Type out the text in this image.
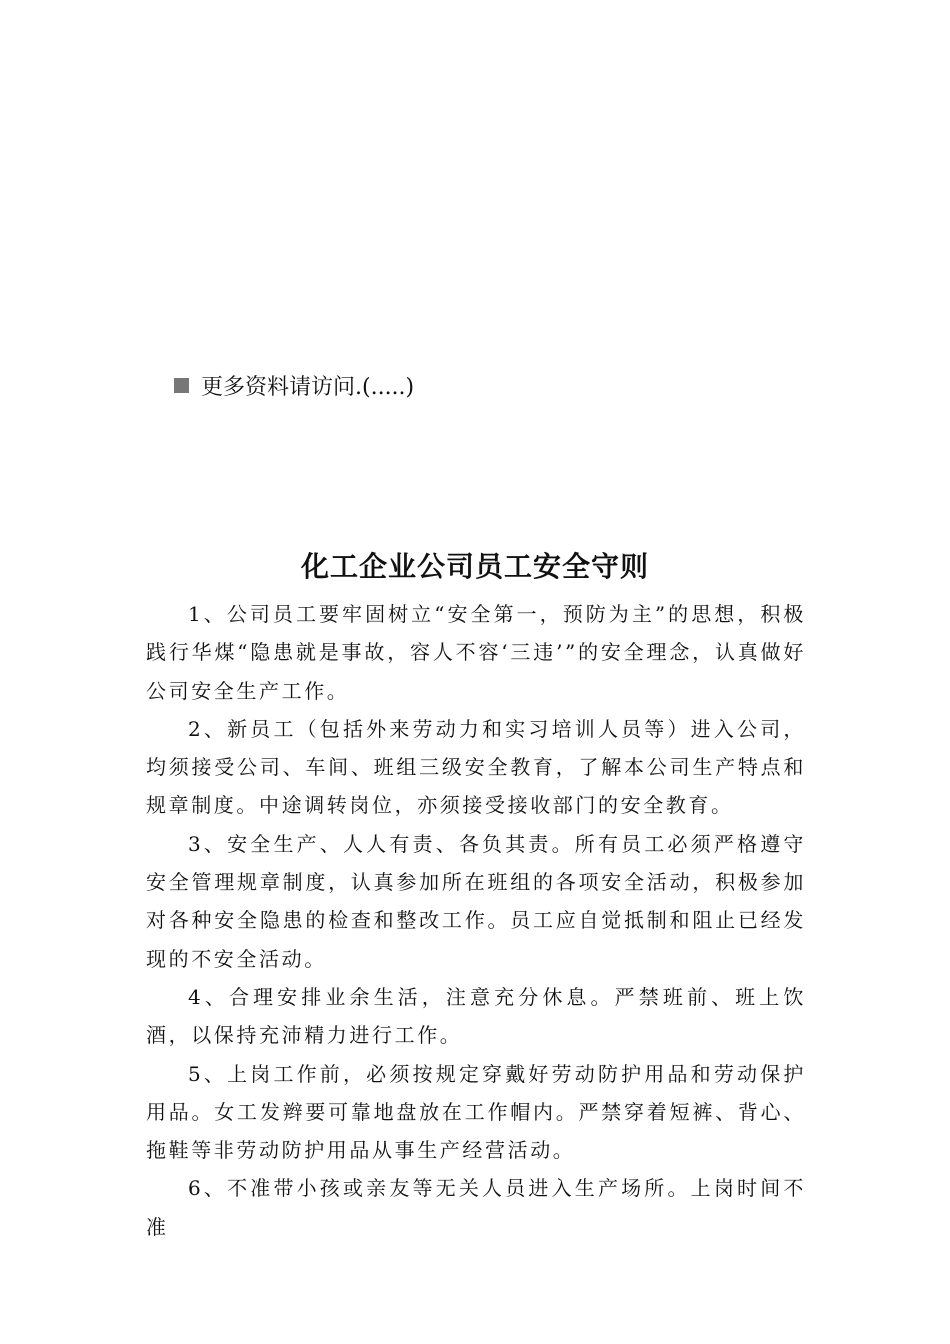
更多资料请访问.(.....)
化工企业公司员工安全守则

1、公司员工要牢固树立“安全第一，预防为主”的思想，积极践行华煤“隐患就是事故，容人不容‘三违’”的安全理念，认真做好公司安全生产工作。

2、新员工（包括外来劳动力和实习培训人员等）进入公司，均须接受公司、车间、班组三级安全教育，了解本公司生产特点和规章制度。中途调转岗位，亦须接受接收部门的安全教育。

3、安全生产、人人有责、各负其责。所有员工必须严格遵守安全管理规章制度，认真参加所在班组的各项安全活动，积极参加对各种安全隐患的检查和整改工作。员工应自觉抵制和阻止已经发现的不安全活动。

4、合理安排业余生活，注意充分休息。严禁班前、班上饮酒，以保持充沛精力进行工作。

5、上岗工作前，必须按规定穿戴好劳动防护用品和劳动保护用品。女工发辫要可靠地盘放在工作帽内。严禁穿着短裤、背心、拖鞋等非劳动防护用品从事生产经营活动。

6、不准带小孩或亲友等无关人员进入生产场所。上岗时间不准
